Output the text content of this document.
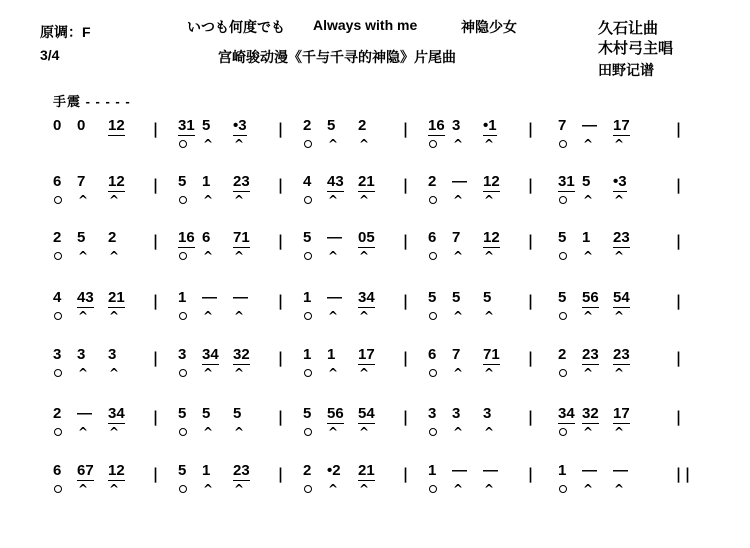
原调：F
3/4
いつも何度でも Always with me	神隐少女
宫崎骏动漫《千与千寻的神隐》片尾曲
久石让曲
木村弓主唱
田野记谱
手震 - - - - -
0 0 12 | 31 5
^
•3
^
| 2 5
^
2
^
| 16 3
^
•1
^
| 7 —
^
17
^
|
6 7
^
12
^
| 5 1
^
23
^
| 4 43
^
21
^
| 2 —
^
12
^
| 31 5
^
•3
^
|
2 5
^
2
^
| 16 6
^
71
^
| 5 —
^
05
^
| 6 7
^
12
^
| 5 1
^
23
^
|
4 43
^
21
^
| 1 —
^
—
^
| 1 —
^
34
^
| 5 5
^
5
^
| 5 56
^
54
^
|
3 3
^
3
^
| 3 34
^
32
^
| 1 1
^
17
^
| 6 7
^
71
^
| 2 23
^
23
^
|
2 —
^
34
^
| 5 5
^
5
^
| 5 56
^
54
^
| 3 3
^
3
^
| 34 32
^
17
^
|
6 67
^
12
^
| 5 1
^
23
^
| 2 •2
^
21
^
| 1 —
^
—
^
| 1 —
^
—
^
||
